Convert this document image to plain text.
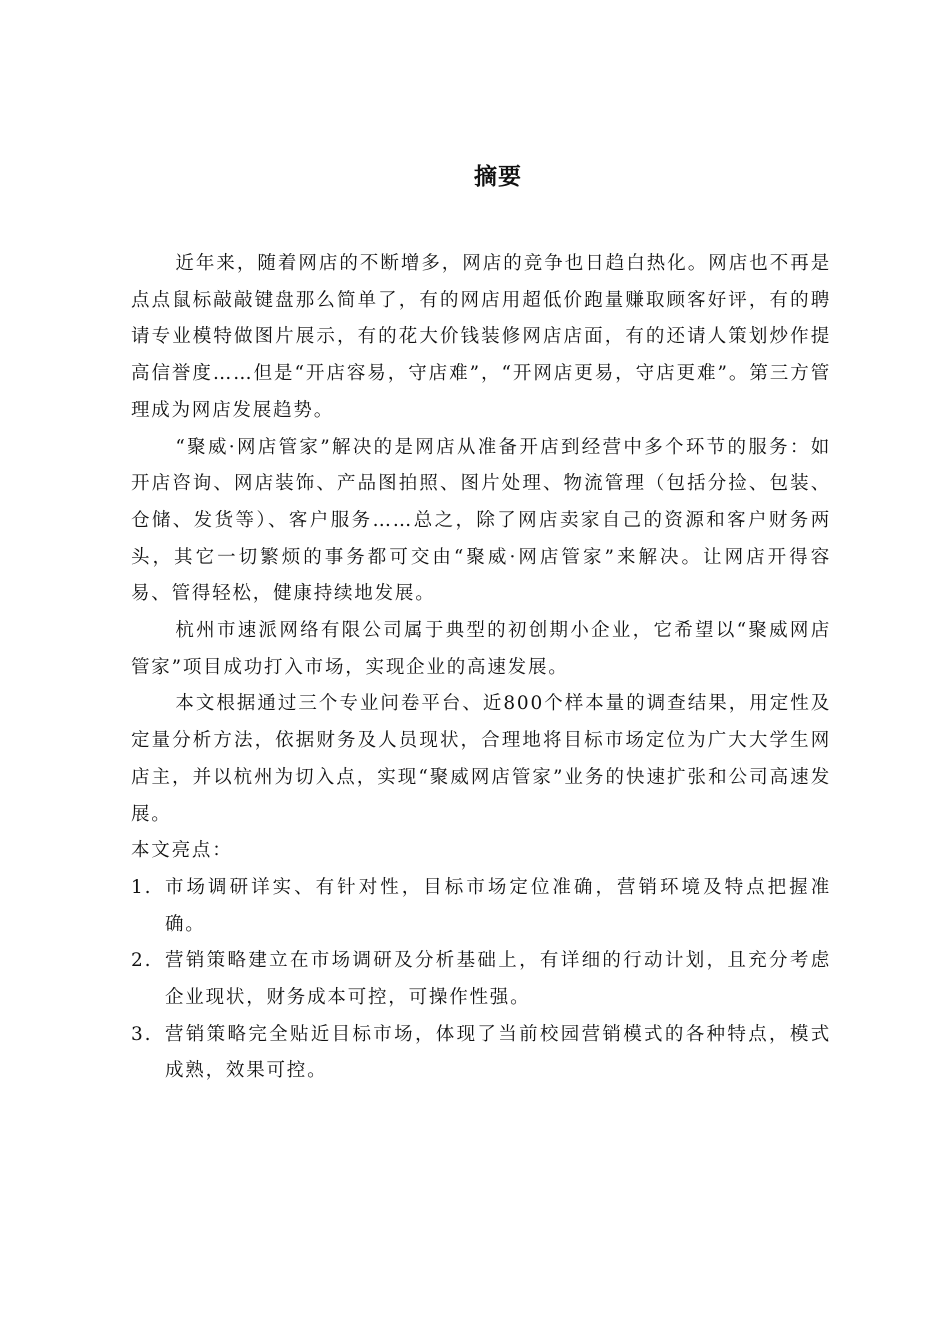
摘要

近年来，随着网店的不断增多，网店的竞争也日趋白热化。网店也不再是点点鼠标敲敲键盘那么简单了，有的网店用超低价跑量赚取顾客好评，有的聘请专业模特做图片展示，有的花大价钱装修网店店面，有的还请人策划炒作提高信誉度……但是“开店容易，守店难”，“开网店更易，守店更难”。第三方管理成为网店发展趋势。

“聚威·网店管家”解决的是网店从准备开店到经营中多个环节的服务：如开店咨询、网店装饰、产品图拍照、图片处理、物流管理（包括分捡、包装、仓储、发货等）、客户服务……总之，除了网店卖家自己的资源和客户财务两头，其它一切繁烦的事务都可交由“聚威·网店管家”来解决。让网店开得容易、管得轻松，健康持续地发展。

杭州市速派网络有限公司属于典型的初创期小企业，它希望以“聚威网店管家”项目成功打入市场，实现企业的高速发展。

本文根据通过三个专业问卷平台、近800个样本量的调查结果，用定性及定量分析方法，依据财务及人员现状，合理地将目标市场定位为广大大学生网店主，并以杭州为切入点，实现“聚威网店管家”业务的快速扩张和公司高速发展。

本文亮点：

1. 市场调研详实、有针对性，目标市场定位准确，营销环境及特点把握准确。
2. 营销策略建立在市场调研及分析基础上，有详细的行动计划，且充分考虑企业现状，财务成本可控，可操作性强。
3. 营销策略完全贴近目标市场，体现了当前校园营销模式的各种特点，模式成熟，效果可控。
